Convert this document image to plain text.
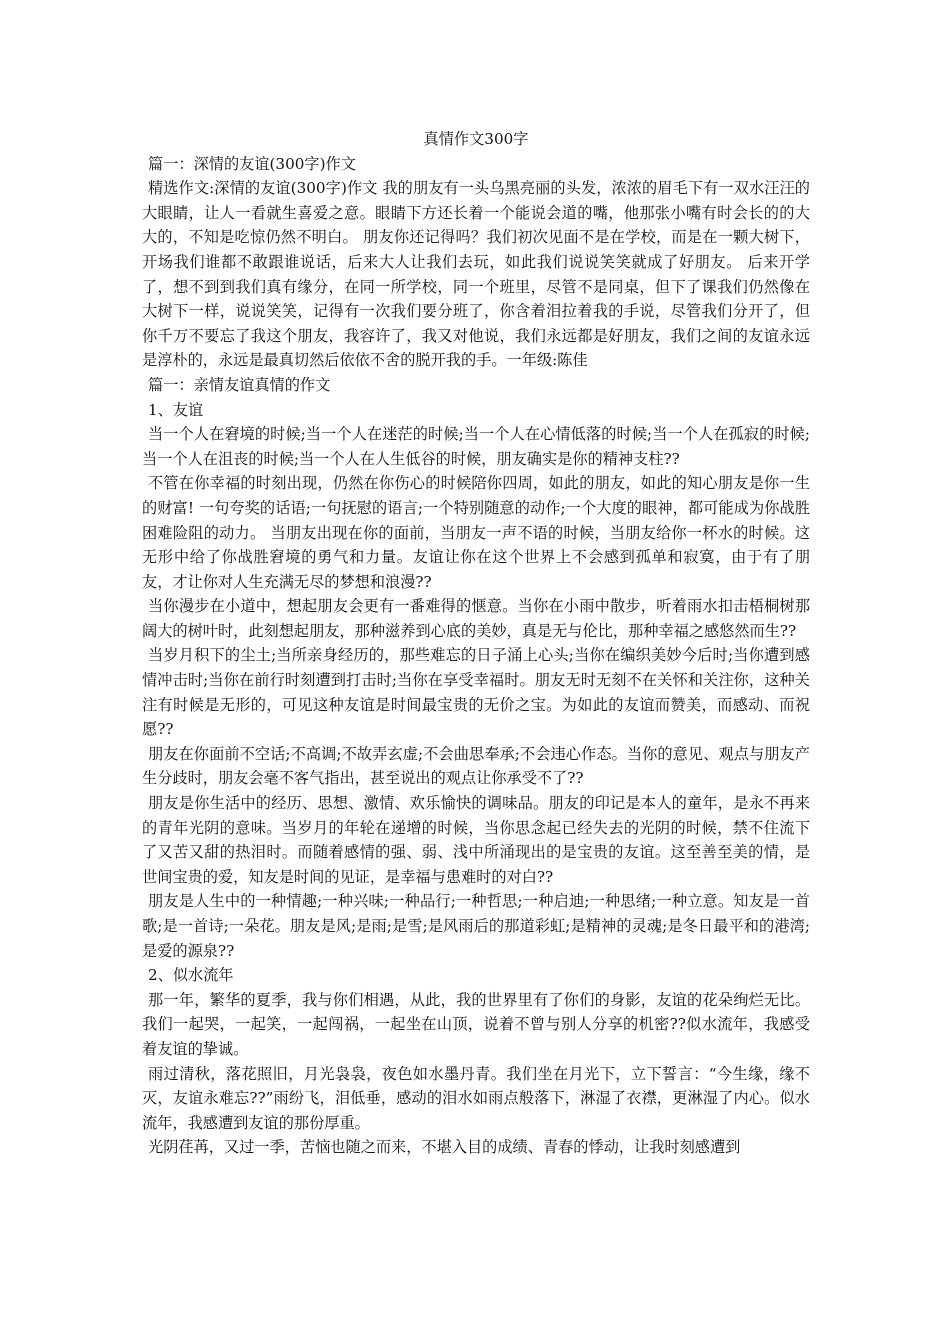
真情作文300字

篇一：深情的友谊(300字)作文

精选作文:深情的友谊(300字)作文 我的朋友有一头乌黑亮丽的头发，浓浓的眉毛下有一双水汪汪的大眼睛，让人一看就生喜爱之意。眼睛下方还长着一个能说会道的嘴，他那张小嘴有时会长的的大大的，不知是吃惊仍然不明白。 朋友你还记得吗？我们初次见面不是在学校，而是在一颗大树下，开场我们谁都不敢跟谁说话，后来大人让我们去玩，如此我们说说笑笑就成了好朋友。 后来开学了，想不到到我们真有缘分，在同一所学校，同一个班里，尽管不是同桌，但下了课我们仍然像在大树下一样，说说笑笑，记得有一次我们要分班了，你含着泪拉着我的手说，尽管我们分开了，但你千万不要忘了我这个朋友，我容许了，我又对他说，我们永远都是好朋友，我们之间的友谊永远是淳朴的，永远是最真切然后依依不舍的脱开我的手。一年级:陈佳

篇一：亲情友谊真情的作文

1、友谊

当一个人在窘境的时候;当一个人在迷茫的时候;当一个人在心情低落的时候;当一个人在孤寂的时候;当一个人在沮丧的时候;当一个人在人生低谷的时候，朋友确实是你的精神支柱??

不管在你幸福的时刻出现，仍然在你伤心的时候陪你四周，如此的朋友，如此的知心朋友是你一生的财富! 一句夸奖的话语;一句抚慰的语言;一个特别随意的动作;一个大度的眼神，都可能成为你战胜困难险阻的动力。 当朋友出现在你的面前，当朋友一声不语的时候，当朋友给你一杯水的时候。这无形中给了你战胜窘境的勇气和力量。友谊让你在这个世界上不会感到孤单和寂寞，由于有了朋友，才让你对人生充满无尽的梦想和浪漫??

当你漫步在小道中，想起朋友会更有一番难得的惬意。当你在小雨中散步，听着雨水扣击梧桐树那阔大的树叶时，此刻想起朋友，那种滋养到心底的美妙，真是无与伦比，那种幸福之感悠然而生??

当岁月积下的尘土;当所亲身经历的，那些难忘的日子涌上心头;当你在编织美妙今后时;当你遭到感情冲击时;当你在前行时刻遭到打击时;当你在享受幸福时。朋友无时无刻不在关怀和关注你，这种关注有时候是无形的，可见这种友谊是时间最宝贵的无价之宝。为如此的友谊而赞美，而感动、而祝愿??

朋友在你面前不空话;不高调;不故弄玄虚;不会曲思奉承;不会违心作态。当你的意见、观点与朋友产生分歧时，朋友会毫不客气指出，甚至说出的观点让你承受不了??

朋友是你生活中的经历、思想、激情、欢乐愉快的调味品。朋友的印记是本人的童年，是永不再来的青年光阴的意味。当岁月的年轮在递增的时候，当你思念起已经失去的光阴的时候，禁不住流下了又苦又甜的热泪时。而随着感情的强、弱、浅中所涌现出的是宝贵的友谊。这至善至美的情，是世间宝贵的爱，知友是时间的见证，是幸福与患难时的对白??

朋友是人生中的一种情趣;一种兴味;一种品行;一种哲思;一种启迪;一种思绪;一种立意。知友是一首歌;是一首诗;一朵花。朋友是风;是雨;是雪;是风雨后的那道彩虹;是精神的灵魂;是冬日最平和的港湾;是爱的源泉??

2、似水流年

那一年，繁华的夏季，我与你们相遇，从此，我的世界里有了你们的身影，友谊的花朵绚烂无比。我们一起哭，一起笑，一起闯祸，一起坐在山顶，说着不曾与别人分享的机密??似水流年，我感受着友谊的挚诚。

雨过清秋，落花照旧，月光袅袅，夜色如水墨丹青。我们坐在月光下，立下誓言：“今生缘，缘不灭，友谊永难忘??”雨纷飞，泪低垂，感动的泪水如雨点般落下，淋湿了衣襟，更淋湿了内心。似水流年，我感遭到友谊的那份厚重。

光阴荏苒，又过一季，苦恼也随之而来，不堪入目的成绩、青春的悸动，让我时刻感遭到
